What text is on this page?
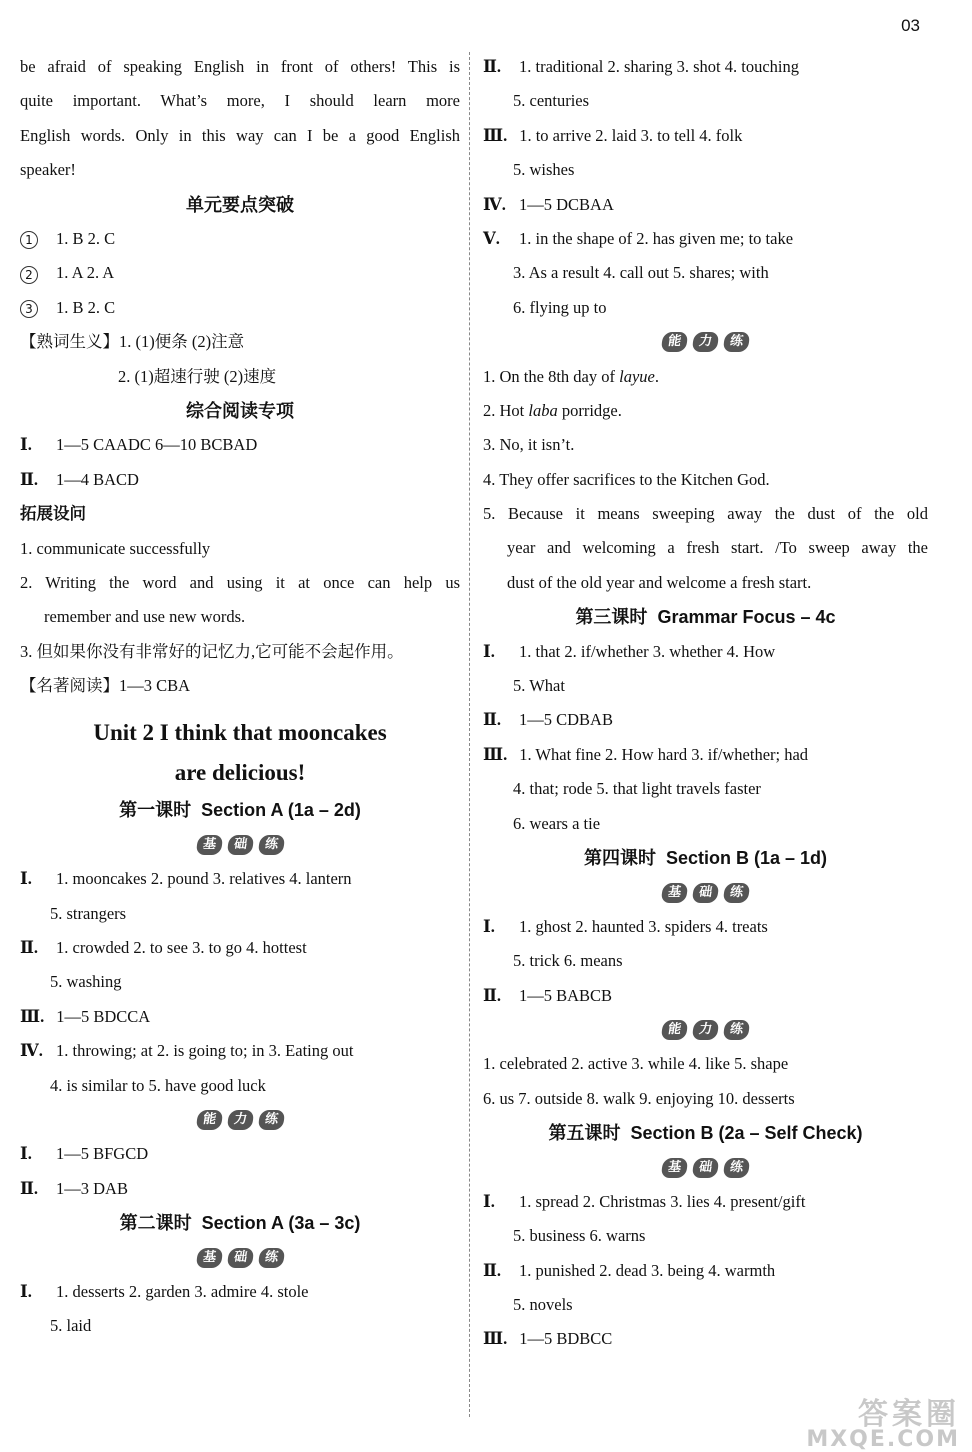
03
be afraid of speaking English in front of others! This is
quite important. What’s more, I should learn more
English words. Only in this way can I be a good English
speaker!
单元要点突破
1 1. B 2. C
2 1. A 2. A
3 1. B 2. C
【熟词生义】1. (1)便条 (2)注意
2. (1)超速行驶 (2)速度
综合阅读专项
Ⅰ. 1—5 CAADC 6—10 BCBAD
Ⅱ. 1—4 BACD
拓展设问
1. communicate successfully
2. Writing the word and using it at once can help us
remember and use new words.
3. 但如果你没有非常好的记忆力,它可能不会起作用。
【名著阅读】1—3 CBA
Unit 2 I think that mooncakes
are delicious!
第一课时 Section A (1a – 2d)
基 础 练
Ⅰ. 1. mooncakes 2. pound 3. relatives 4. lantern
5. strangers
Ⅱ. 1. crowded 2. to see 3. to go 4. hottest
5. washing
Ⅲ. 1—5 BDCCA
Ⅳ. 1. throwing; at 2. is going to; in 3. Eating out
4. is similar to 5. have good luck
能 力 练
Ⅰ. 1—5 BFGCD
Ⅱ. 1—3 DAB
第二课时 Section A (3a – 3c)
基 础 练
Ⅰ. 1. desserts 2. garden 3. admire 4. stole
5. laid
Ⅱ. 1. traditional 2. sharing 3. shot 4. touching
5. centuries
Ⅲ. 1. to arrive 2. laid 3. to tell 4. folk
5. wishes
Ⅳ. 1—5 DCBAA
Ⅴ. 1. in the shape of 2. has given me; to take
3. As a result 4. call out 5. shares; with
6. flying up to
能 力 练
1. On the 8th day of layue.
2. Hot laba porridge.
3. No, it isn’t.
4. They offer sacrifices to the Kitchen God.
5. Because it means sweeping away the dust of the old
year and welcoming a fresh start. /To sweep away the
dust of the old year and welcome a fresh start.
第三课时 Grammar Focus – 4c
Ⅰ. 1. that 2. if/whether 3. whether 4. How
5. What
Ⅱ. 1—5 CDBAB
Ⅲ. 1. What fine 2. How hard 3. if/whether; had
4. that; rode 5. that light travels faster
6. wears a tie
第四课时 Section B (1a – 1d)
基 础 练
Ⅰ. 1. ghost 2. haunted 3. spiders 4. treats
5. trick 6. means
Ⅱ. 1—5 BABCB
能 力 练
1. celebrated 2. active 3. while 4. like 5. shape
6. us 7. outside 8. walk 9. enjoying 10. desserts
第五课时 Section B (2a – Self Check)
基 础 练
Ⅰ. 1. spread 2. Christmas 3. lies 4. present/gift
5. business 6. warns
Ⅱ. 1. punished 2. dead 3. being 4. warmth
5. novels
Ⅲ. 1—5 BDBCC
答案圈
MXQE.COM
